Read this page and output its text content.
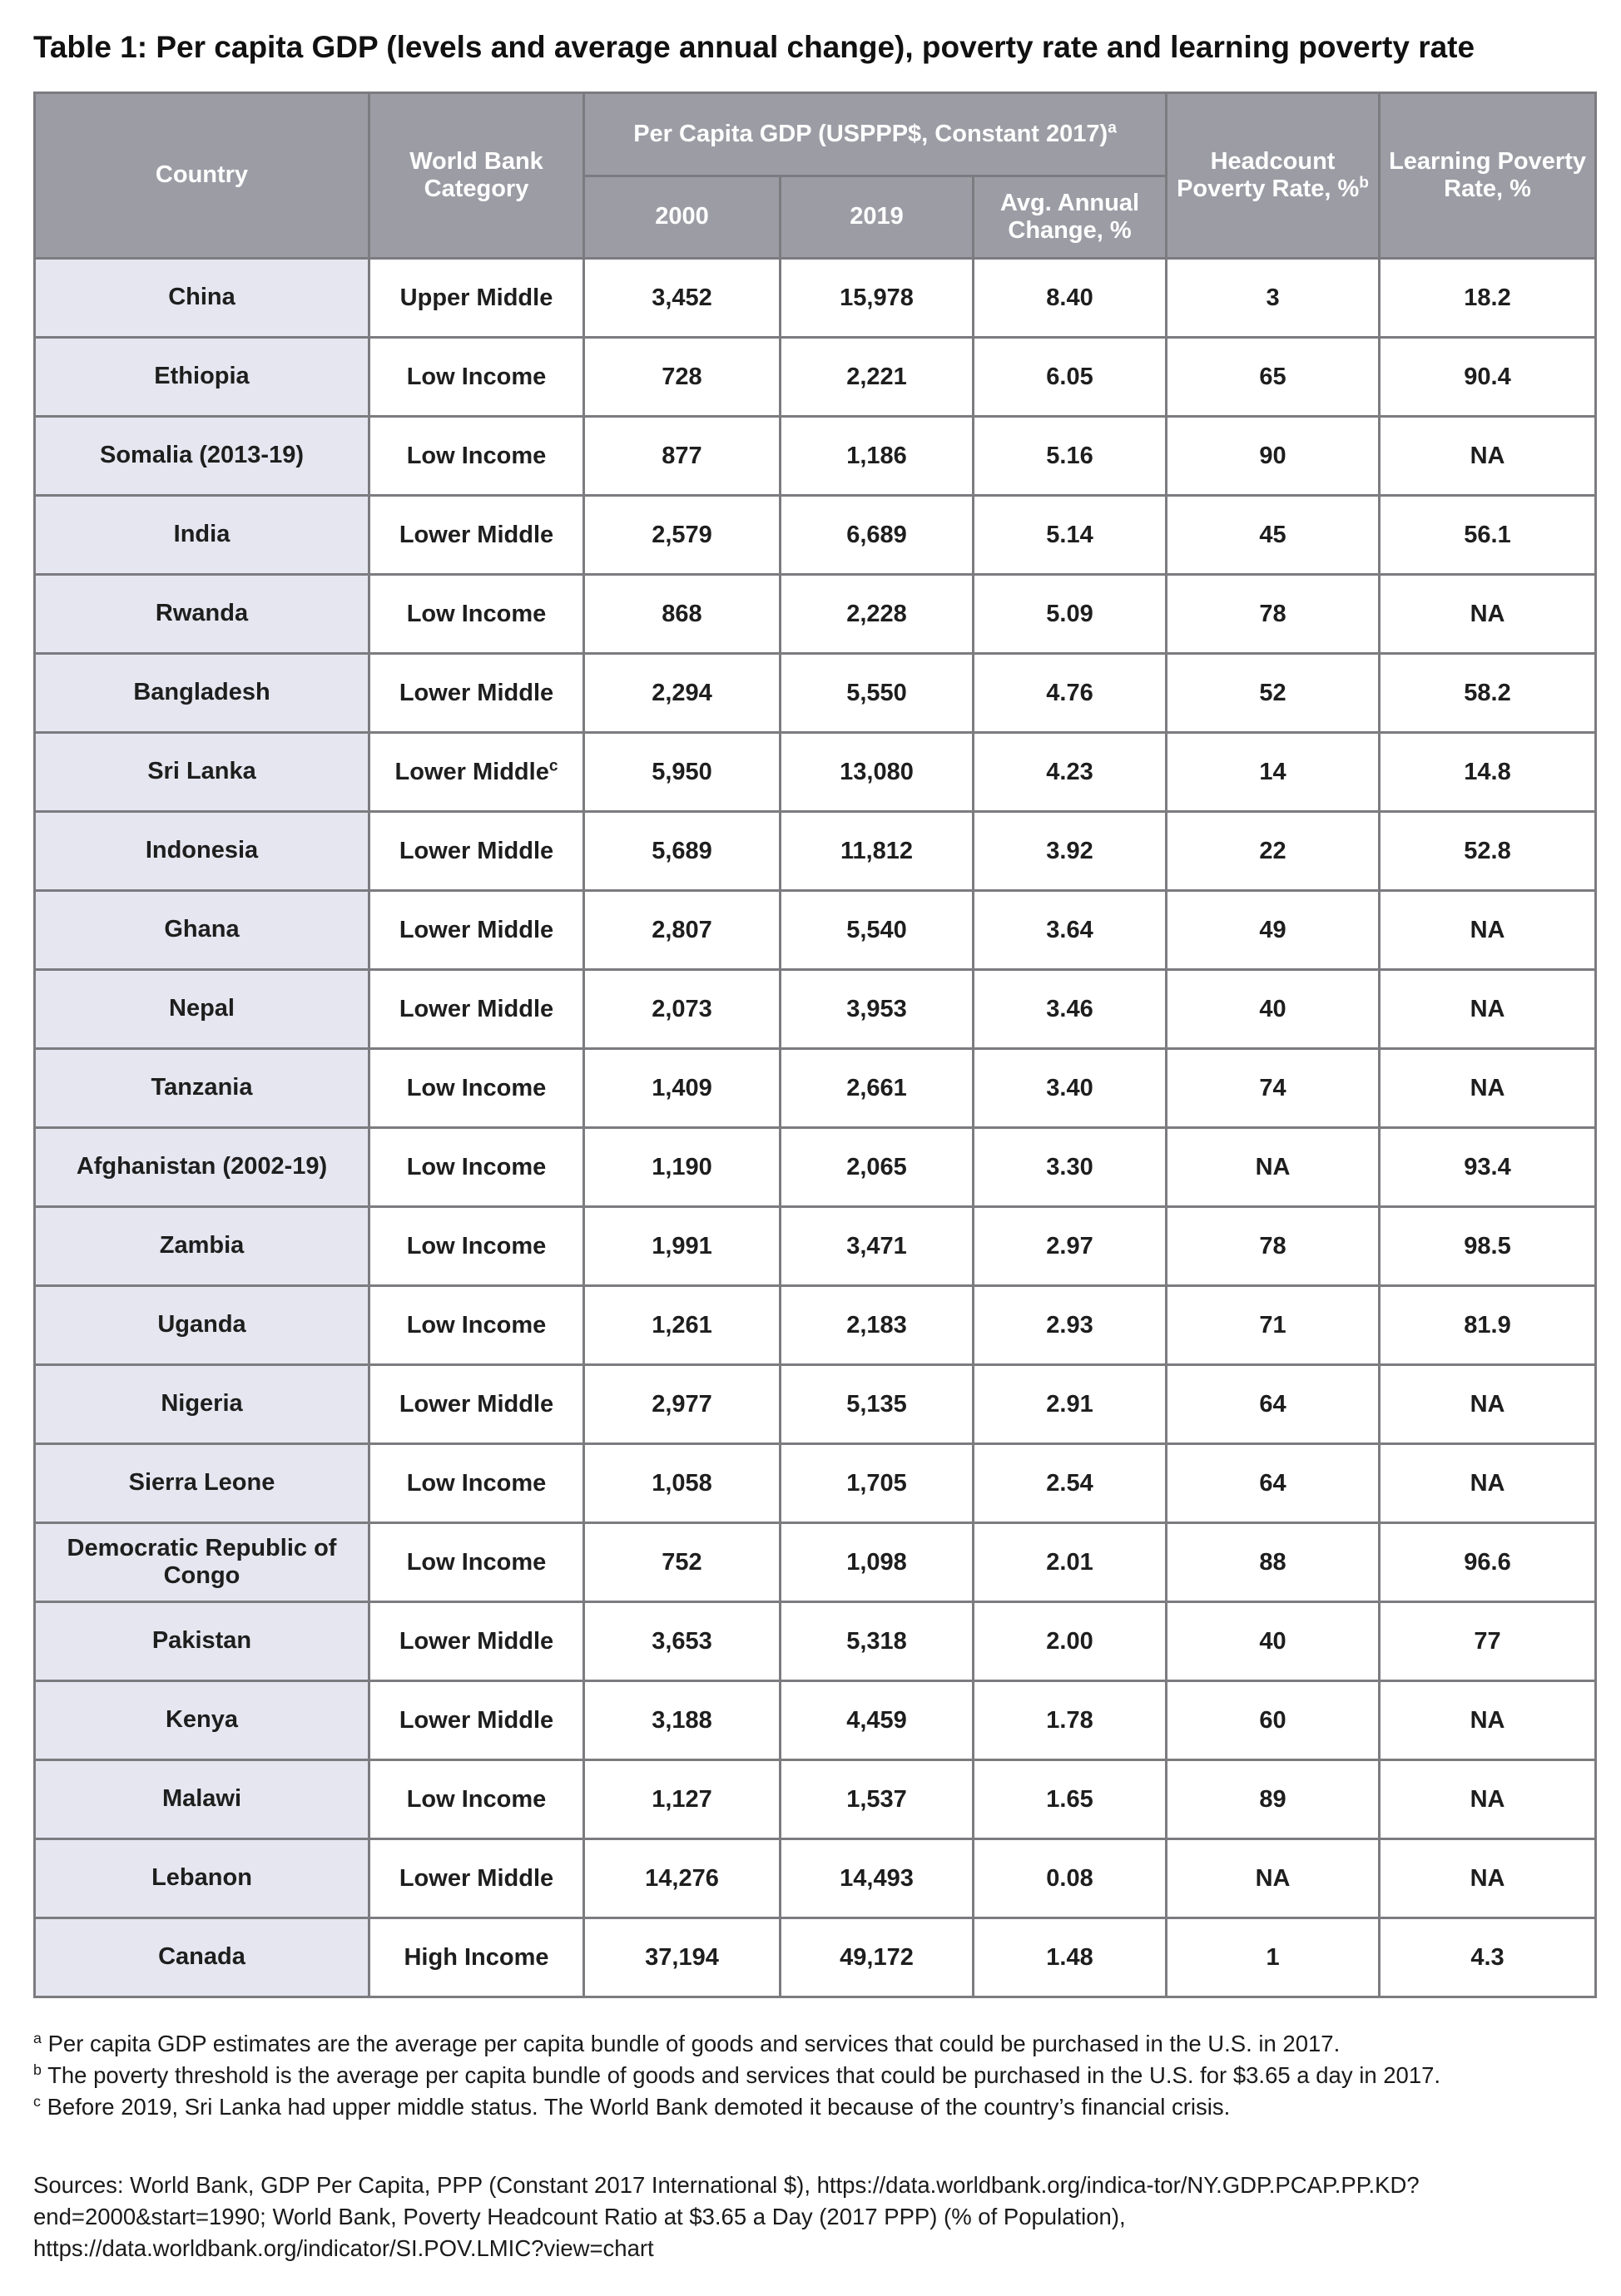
Table 1: Per capita GDP (levels and average annual change), poverty rate and learning poverty rate
Country	World Bank Category	Per Capita GDP (USPPP$, Constant 2017)$^a$			Headcount Poverty Rate, %$^b$	Learning Poverty Rate, %
		2000	2019	Avg. Annual Change, %		
China	Upper Middle	3,452	15,978	8.40	3	18.2
Ethiopia	Low Income	728	2,221	6.05	65	90.4
Somalia (2013-19)	Low Income	877	1,186	5.16	90	NA
India	Lower Middle	2,579	6,689	5.14	45	56.1
Rwanda	Low Income	868	2,228	5.09	78	NA
Bangladesh	Lower Middle	2,294	5,550	4.76	52	58.2
Sri Lanka	Lower Middle$^c$	5,950	13,080	4.23	14	14.8
Indonesia	Lower Middle	5,689	11,812	3.92	22	52.8
Ghana	Lower Middle	2,807	5,540	3.64	49	NA
Nepal	Lower Middle	2,073	3,953	3.46	40	NA
Tanzania	Low Income	1,409	2,661	3.40	74	NA
Afghanistan (2002-19)	Low Income	1,190	2,065	3.30	NA	93.4
Zambia	Low Income	1,991	3,471	2.97	78	98.5
Uganda	Low Income	1,261	2,183	2.93	71	81.9
Nigeria	Lower Middle	2,977	5,135	2.91	64	NA
Sierra Leone	Low Income	1,058	1,705	2.54	64	NA
Democratic Republic of Congo	Low Income	752	1,098	2.01	88	96.6
Pakistan	Lower Middle	3,653	5,318	2.00	40	77
Kenya	Lower Middle	3,188	4,459	1.78	60	NA
Malawi	Low Income	1,127	1,537	1.65	89	NA
Lebanon	Lower Middle	14,276	14,493	0.08	NA	NA
Canada	High Income	37,194	49,172	1.48	1	4.3
$^a$ Per capita GDP estimates are the average per capita bundle of goods and services that could be purchased in the U.S. in 2017.
$^b$ The poverty threshold is the average per capita bundle of goods and services that could be purchased in the U.S. for $3.65 a day in 2017.
$^c$ Before 2019, Sri Lanka had upper middle status. The World Bank demoted it because of the country’s financial crisis.
Sources: World Bank, GDP Per Capita, PPP (Constant 2017 International $), https://data.worldbank.org/indica-tor/NY.GDP.PCAP.PP.KD?end=2000&start=1990; World Bank, Poverty Headcount Ratio at $3.65 a Day (2017 PPP) (% of Population), https://data.worldbank.org/indicator/SI.POV.LMIC?view=chart
